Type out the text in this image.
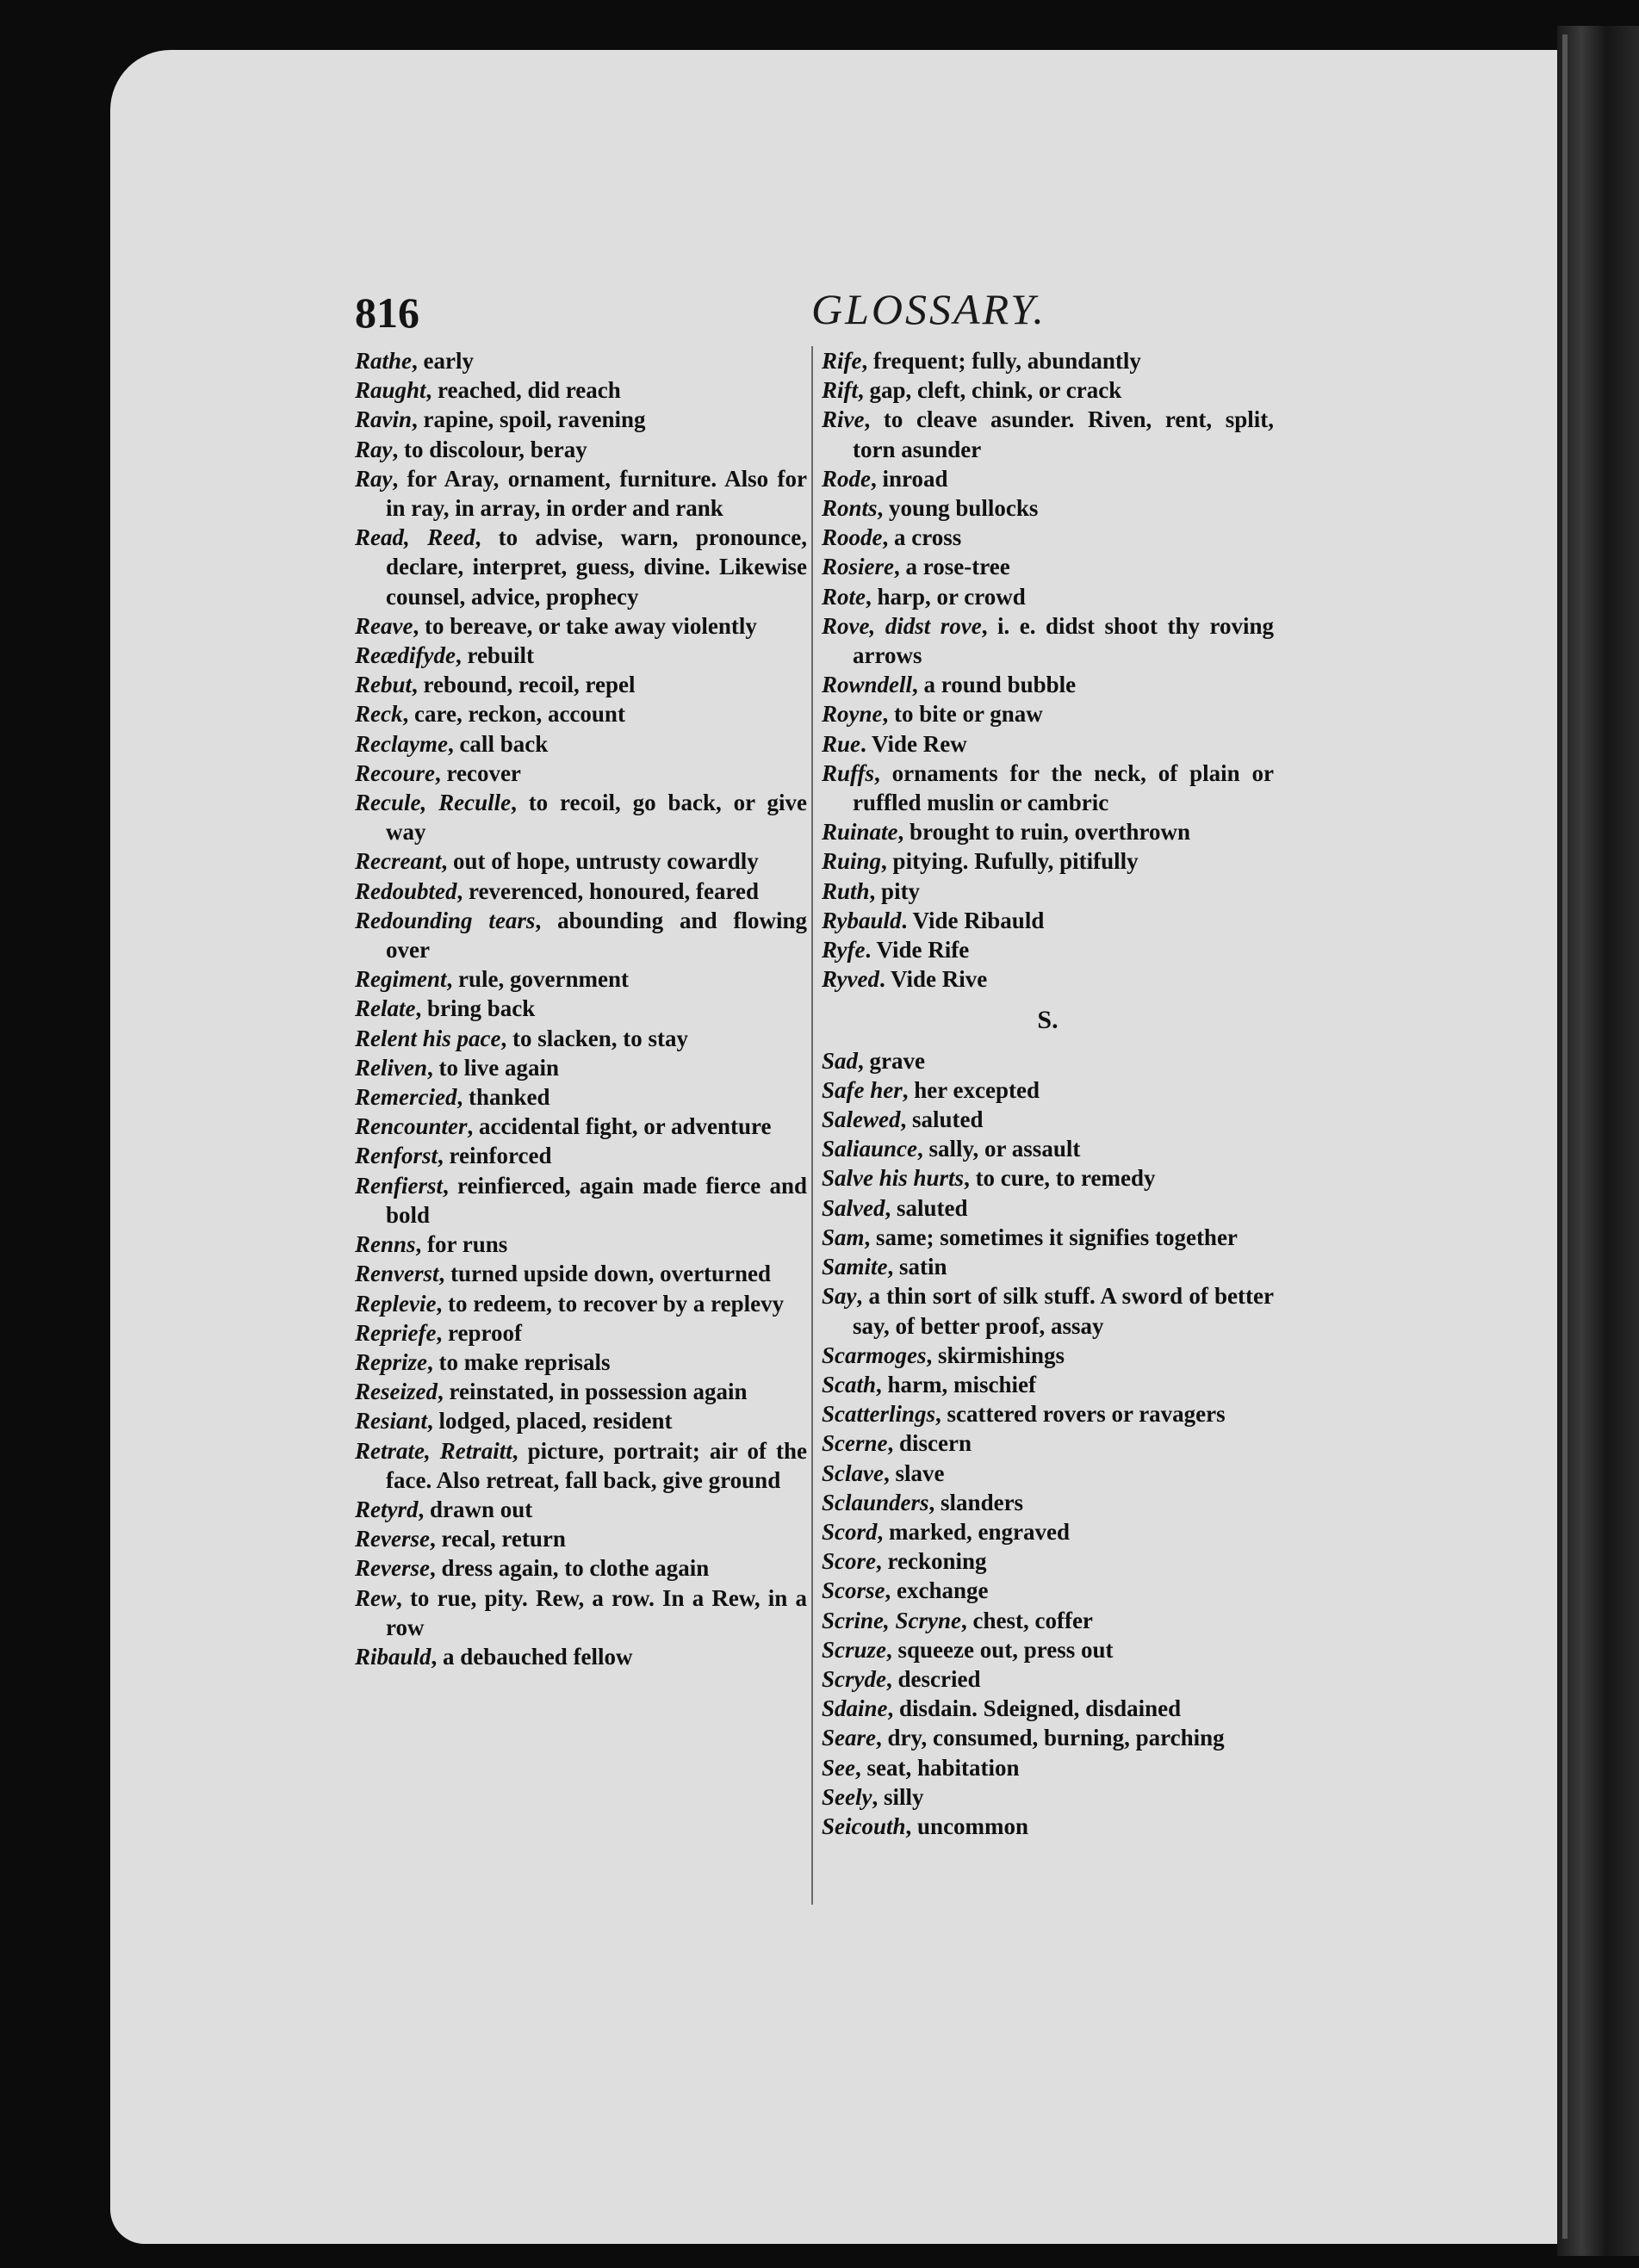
816	GLOSSARY.
Rathe, early
Raught, reached, did reach
Ravin, rapine, spoil, ravening
Ray, to discolour, beray
Ray, for Aray, ornament, furniture. Also for in ray, in array, in order and rank
Read, Reed, to advise, warn, pronounce, declare, interpret, guess, divine. Likewise counsel, advice, prophecy
Reave, to bereave, or take away violently
Reædifyde, rebuilt
Rebut, rebound, recoil, repel
Reck, care, reckon, account
Reclayme, call back
Recoure, recover
Recule, Reculle, to recoil, go back, or give way
Recreant, out of hope, untrusty cowardly
Redoubted, reverenced, honoured, feared
Redounding tears, abounding and flowing over
Regiment, rule, government
Relate, bring back
Relent his pace, to slacken, to stay
Reliven, to live again
Remercied, thanked
Rencounter, accidental fight, or adventure
Renforst, reinforced
Renfierst, reinfierced, again made fierce and bold
Renns, for runs
Renverst, turned upside down, overturned
Replevie, to redeem, to recover by a replevy
Repriefe, reproof
Reprize, to make reprisals
Reseized, reinstated, in possession again
Resiant, lodged, placed, resident
Retrate, Retraitt, picture, portrait; air of the face. Also retreat, fall back, give ground
Retyrd, drawn out
Reverse, recal, return
Reverse, dress again, to clothe again
Rew, to rue, pity. Rew, a row. In a Rew, in a row
Ribauld, a debauched fellow
Rife, frequent; fully, abundantly
Rift, gap, cleft, chink, or crack
Rive, to cleave asunder. Riven, rent, split, torn asunder
Rode, inroad
Ronts, young bullocks
Roode, a cross
Rosiere, a rose-tree
Rote, harp, or crowd
Rove, didst rove, i. e. didst shoot thy roving arrows
Rowndell, a round bubble
Royne, to bite or gnaw
Rue. Vide Rew
Ruffs, ornaments for the neck, of plain or ruffled muslin or cambric
Ruinate, brought to ruin, overthrown
Ruing, pitying. Rufully, pitifully
Ruth, pity
Rybauld. Vide Ribauld
Ryfe. Vide Rife
Ryved. Vide Rive
S.
Sad, grave
Safe her, her excepted
Salewed, saluted
Saliaunce, sally, or assault
Salve his hurts, to cure, to remedy
Salved, saluted
Sam, same; sometimes it signifies together
Samite, satin
Say, a thin sort of silk stuff. A sword of better say, of better proof, assay
Scarmoges, skirmishings
Scath, harm, mischief
Scatterlings, scattered rovers or ravagers
Scerne, discern
Sclave, slave
Sclaunders, slanders
Scord, marked, engraved
Score, reckoning
Scorse, exchange
Scrine, Scryne, chest, coffer
Scruze, squeeze out, press out
Scryde, descried
Sdaine, disdain. Sdeigned, disdained
Seare, dry, consumed, burning, parching
See, seat, habitation
Seely, silly
Seicouth, uncommon
